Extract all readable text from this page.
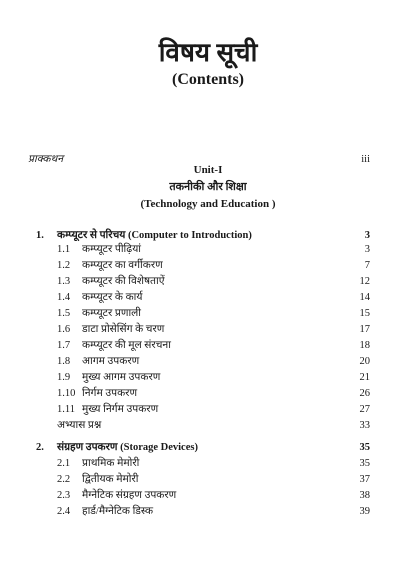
विषय सूची
(Contents)
प्राक्कथन	iii
Unit-I
तकनीकी और शिक्षा
(Technology and Education )
1. कम्प्यूटर से परिचय (Computer to Introduction)	3
1.1 कम्प्यूटर पीढ़ियां	3
1.2 कम्प्यूटर का वर्गीकरण	7
1.3 कम्प्यूटर की विशेषताऐं	12
1.4 कम्प्यूटर के कार्य	14
1.5 कम्प्यूटर प्रणाली	15
1.6 डाटा प्रोसेसिंग के चरण	17
1.7 कम्प्यूटर की मूल संरचना	18
1.8 आगम उपकरण	20
1.9 मुख्य आगम उपकरण	21
1.10 निर्गम उपकरण	26
1.11 मुख्य निर्गम उपकरण	27
अभ्यास प्रश्न	33
2. संग्रहण उपकरण (Storage Devices)	35
2.1 प्राथमिक मेमोरी	35
2.2 द्वितीयक मेमोरी	37
2.3 मैग्नेटिक संग्रहण उपकरण	38
2.4 हार्ड/मैग्नेटिक डिस्क	39
